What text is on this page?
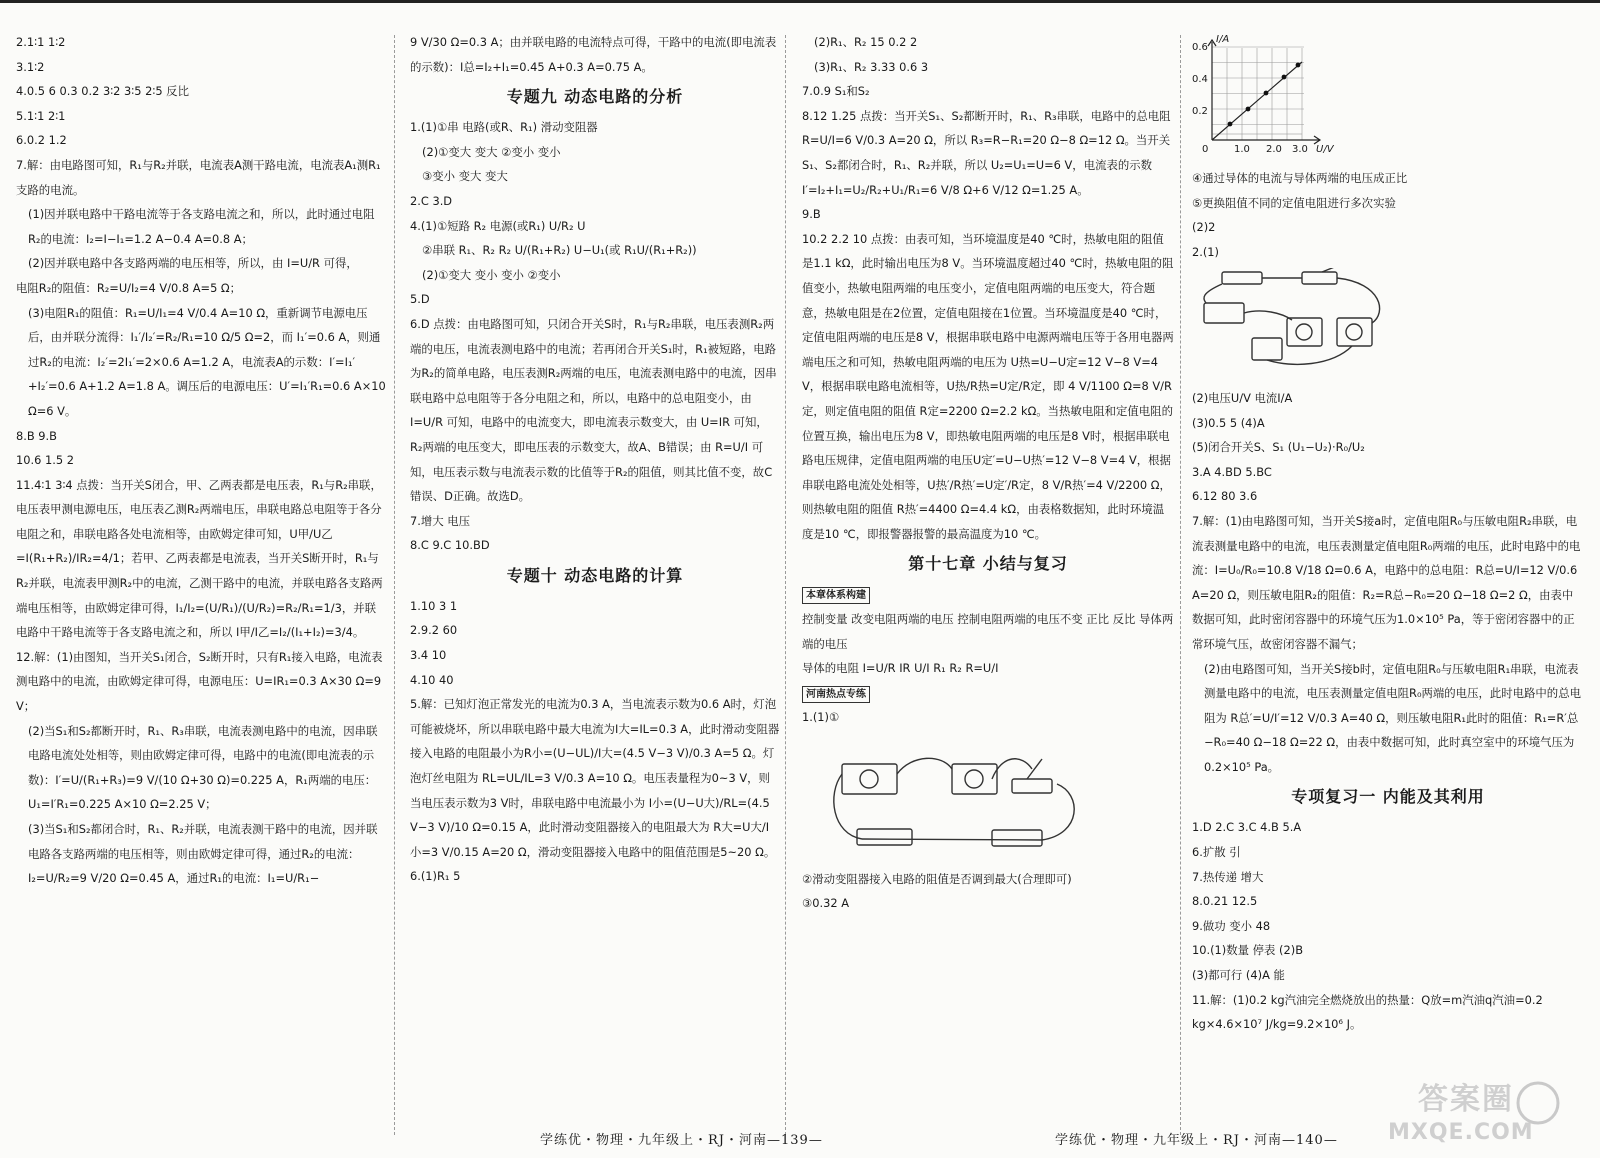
2.1∶1 1∶2
3.1∶2
4.0.5 6 0.3 0.2 3∶2 3∶5 2∶5 反比
5.1∶1 2∶1
6.0.2 1.2
7.解：由电路图可知，R₁与R₂并联，电流表A测干路电流，电流表A₁测R₁支路的电流。
(1)因并联电路中干路电流等于各支路电流之和，所以，此时通过电阻R₂的电流：I₂=I−I₁=1.2 A−0.4 A=0.8 A；
(2)因并联电路中各支路两端的电压相等，所以，由 I=U/R 可得，
电阻R₂的阻值：R₂=U/I₂=4 V/0.8 A=5 Ω；
(3)电阻R₁的阻值：R₁=U/I₁=4 V/0.4 A=10 Ω，重新调节电源电压后，由并联分流得：I₁′/I₂′=R₂/R₁=10 Ω/5 Ω=2，而 I₁′=0.6 A，则通过R₂的电流：I₂′=2I₁′=2×0.6 A=1.2 A，电流表A的示数：I′=I₁′+I₂′=0.6 A+1.2 A=1.8 A。调压后的电源电压：U′=I₁′R₁=0.6 A×10 Ω=6 V。
8.B 9.B
10.6 1.5 2
11.4∶1 3∶4 点拨：当开关S闭合，甲、乙两表都是电压表，R₁与R₂串联，电压表甲测电源电压，电压表乙测R₂两端电压，串联电路总电阻等于各分电阻之和，串联电路各处电流相等，由欧姆定律可知，U甲/U乙=I(R₁+R₂)/IR₂=4/1；若甲、乙两表都是电流表，当开关S断开时，R₁与R₂并联，电流表甲测R₂中的电流，乙测干路中的电流，并联电路各支路两端电压相等，由欧姆定律可得，I₁/I₂=(U/R₁)/(U/R₂)=R₂/R₁=1/3，并联电路中干路电流等于各支路电流之和，所以 I甲/I乙=I₂/(I₁+I₂)=3/4。
12.解：(1)由图知，当开关S₁闭合，S₂断开时，只有R₁接入电路，电流表测电路中的电流，由欧姆定律可得，电源电压：U=IR₁=0.3 A×30 Ω=9 V；
(2)当S₁和S₂都断开时，R₁、R₃串联，电流表测电路中的电流，因串联电路电流处处相等，则由欧姆定律可得，电路中的电流(即电流表的示数)：I′=U/(R₁+R₃)=9 V/(10 Ω+30 Ω)=0.225 A，R₁两端的电压：U₁=I′R₁=0.225 A×10 Ω=2.25 V；
(3)当S₁和S₂都闭合时，R₁、R₂并联，电流表测干路中的电流，因并联电路各支路两端的电压相等，则由欧姆定律可得，通过R₂的电流：I₂=U/R₂=9 V/20 Ω=0.45 A，通过R₁的电流：I₁=U/R₁−
9 V/30 Ω=0.3 A；由并联电路的电流特点可得，干路中的电流(即电流表的示数)：I总=I₂+I₁=0.45 A+0.3 A=0.75 A。
专题九 动态电路的分析
1.(1)①串 电路(或R、R₁) 滑动变阻器
(2)①变大 变大 ②变小 变小
③变小 变大 变大
2.C 3.D
4.(1)①短路 R₂ 电源(或R₁) U/R₂ U
②串联 R₁、R₂ R₂ U/(R₁+R₂) U−U₁(或 R₁U/(R₁+R₂))
(2)①变大 变小 变小 ②变小
5.D
6.D 点拨：由电路图可知，只闭合开关S时，R₁与R₂串联，电压表测R₂两端的电压，电流表测电路中的电流；若再闭合开关S₁时，R₁被短路，电路为R₂的简单电路，电压表测R₂两端的电压，电流表测电路中的电流，因串联电路中总电阻等于各分电阻之和，所以，电路中的总电阻变小，由 I=U/R 可知，电路中的电流变大，即电流表示数变大，由 U=IR 可知，R₂两端的电压变大，即电压表的示数变大，故A、B错误；由 R=U/I 可知，电压表示数与电流表示数的比值等于R₂的阻值，则其比值不变，故C错误、D正确。故选D。
7.增大 电压
8.C 9.C 10.BD
专题十 动态电路的计算
1.10 3 1
2.9.2 60
3.4 10
4.10 40
5.解：已知灯泡正常发光的电流为0.3 A，当电流表示数为0.6 A时，灯泡可能被烧坏，所以串联电路中最大电流为I大=IL=0.3 A，此时滑动变阻器接入电路的电阻最小为R小=(U−UL)/I大=(4.5 V−3 V)/0.3 A=5 Ω。灯泡灯丝电阻为 RL=UL/IL=3 V/0.3 A=10 Ω。电压表量程为0~3 V，则当电压表示数为3 V时，串联电路中电流最小为 I小=(U−U大)/RL=(4.5 V−3 V)/10 Ω=0.15 A，此时滑动变阻器接入的电阻最大为 R大=U大/I小=3 V/0.15 A=20 Ω，滑动变阻器接入电路中的阻值范围是5~20 Ω。
6.(1)R₁ 5
(2)R₁、R₂ 15 0.2 2
(3)R₁、R₂ 3.33 0.6 3
7.0.9 S₁和S₂
8.12 1.25 点拨：当开关S₁、S₂都断开时，R₁、R₃串联，电路中的总电阻 R=U/I=6 V/0.3 A=20 Ω，所以 R₃=R−R₁=20 Ω−8 Ω=12 Ω。当开关S₁、S₂都闭合时，R₁、R₂并联，所以 U₂=U₁=U=6 V，电流表的示数 I′=I₂+I₁=U₂/R₂+U₁/R₁=6 V/8 Ω+6 V/12 Ω=1.25 A。
9.B
10.2 2.2 10 点拨：由表可知，当环境温度是40 ℃时，热敏电阻的阻值是1.1 kΩ，此时输出电压为8 V。当环境温度超过40 ℃时，热敏电阻的阻值变小，热敏电阻两端的电压变小，定值电阻两端的电压变大，符合题意，热敏电阻是在2位置，定值电阻接在1位置。当环境温度是40 ℃时，定值电阻两端的电压是8 V，根据串联电路中电源两端电压等于各用电器两端电压之和可知，热敏电阻两端的电压为 U热=U−U定=12 V−8 V=4 V，根据串联电路电流相等，U热/R热=U定/R定，即 4 V/1100 Ω=8 V/R定，则定值电阻的阻值 R定=2200 Ω=2.2 kΩ。当热敏电阻和定值电阻的位置互换，输出电压为8 V，即热敏电阻两端的电压是8 V时，根据串联电路电压规律，定值电阻两端的电压U定′=U−U热′=12 V−8 V=4 V，根据串联电路电流处处相等，U热′/R热′=U定′/R定，8 V/R热′=4 V/2200 Ω，则热敏电阻的阻值 R热′=4400 Ω=4.4 kΩ，由表格数据知，此时环境温度是10 ℃，即报警器报警的最高温度为10 ℃。
第十七章 小结与复习
本章体系构建
控制变量 改变电阻两端的电压 控制电阻两端的电压不变 正比 反比 导体两端的电压
导体的电阻 I=U/R IR U/I R₁ R₂ R=U/I
河南热点专练
1.(1)①
②滑动变阻器接入电路的阻值是否调到最大(合理即可)
③0.32 A
I/A
0.6
0.4
0.2
0	1.0 2.0 3.0 U/V
④通过导体的电流与导体两端的电压成正比
⑤更换阻值不同的定值电阻进行多次实验
(2)2
2.(1)
(2)电压U/V 电流I/A
(3)0.5 5 (4)A
(5)闭合开关S、S₁ (U₁−U₂)·R₀/U₂
3.A 4.BD 5.BC
6.12 80 3.6
7.解：(1)由电路图可知，当开关S接a时，定值电阻R₀与压敏电阻R₂串联，电流表测量电路中的电流，电压表测量定值电阻R₀两端的电压，此时电路中的电流：I=U₀/R₀=10.8 V/18 Ω=0.6 A，电路中的总电阻：R总=U/I=12 V/0.6 A=20 Ω，则压敏电阻R₂的阻值：R₂=R总−R₀=20 Ω−18 Ω=2 Ω，由表中数据可知，此时密闭容器中的环境气压为1.0×10⁵ Pa，等于密闭容器中的正常环境气压，故密闭容器不漏气；
(2)由电路图可知，当开关S接b时，定值电阻R₀与压敏电阻R₁串联，电流表测量电路中的电流，电压表测量定值电阻R₀两端的电压，此时电路中的总电阻为 R总′=U/I′=12 V/0.3 A=40 Ω，则压敏电阻R₁此时的阻值：R₁=R′总−R₀=40 Ω−18 Ω=22 Ω，由表中数据可知，此时真空室中的环境气压为0.2×10⁵ Pa。
专项复习一 内能及其利用
1.D 2.C 3.C 4.B 5.A
6.扩散 引
7.热传递 增大
8.0.21 12.5
9.做功 变小 48
10.(1)数量 停表 (2)B
(3)都可行 (4)A 能
11.解：(1)0.2 kg汽油完全燃烧放出的热量：Q放=m汽油q汽油=0.2 kg×4.6×10⁷ J/kg=9.2×10⁶ J。
学练优・物理・九年级上・RJ・河南—139—	学练优・物理・九年级上・RJ・河南—140—
答案圈
MXQE.COM
